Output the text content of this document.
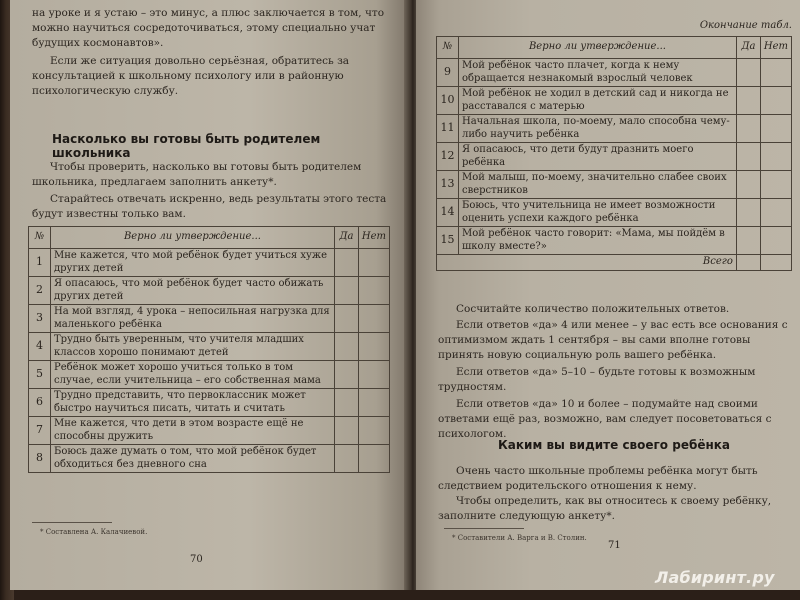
на уроке и я устаю – это минус, а плюс заключается в том, что можно научиться сосредоточиваться, этому специально учат будущих космонавтов».
Если же ситуация довольно серьёзная, обратитесь за консультацией к школьному психологу или в районную психологическую службу.
Насколько вы готовы быть родителем школьника
Чтобы проверить, насколько вы готовы быть родителем школьника, предлагаем заполнить анкету*.
Старайтесь отвечать искренно, ведь результаты этого теста будут известны только вам.
№	Верно ли утверждение...	Да	Нет
1	Мне кажется, что мой ребёнок будет учиться хуже других детей		
2	Я опасаюсь, что мой ребёнок будет часто обижать других детей		
3	На мой взгляд, 4 урока – непосильная нагрузка для маленького ребёнка		
4	Трудно быть уверенным, что учителя младших классов хорошо понимают детей		
5	Ребёнок может хорошо учиться только в том случае, если учительница – его собственная мама		
6	Трудно представить, что первоклассник может быстро научиться писать, читать и считать		
7	Мне кажется, что дети в этом возрасте ещё не способны дружить		
8	Боюсь даже думать о том, что мой ребёнок будет обходиться без дневного сна		
* Составлена А. Калачиевой.
70
Окончание табл.
№	Верно ли утверждение...	Да	Нет
9	Мой ребёнок часто плачет, когда к нему обращается незнакомый взрослый человек		
10	Мой ребёнок не ходил в детский сад и никогда не расставался с матерью		
11	Начальная школа, по-моему, мало способна чему-либо научить ребёнка		
12	Я опасаюсь, что дети будут дразнить моего ребёнка		
13	Мой малыш, по-моему, значительно слабее своих сверстников		
14	Боюсь, что учительница не имеет возможности оценить успехи каждого ребёнка		
15	Мой ребёнок часто говорит: «Мама, мы пойдём в школу вместе?»		
Всего			
Сосчитайте количество положительных ответов.
Если ответов «да» 4 или менее – у вас есть все основания с оптимизмом ждать 1 сентября – вы сами вполне готовы принять новую социальную роль вашего ребёнка.
Если ответов «да» 5–10 – будьте готовы к возможным трудностям.
Если ответов «да» 10 и более – подумайте над своими ответами ещё раз, возможно, вам следует посоветоваться с психологом.
Каким вы видите своего ребёнка
Очень часто школьные проблемы ребёнка могут быть следствием родительского отношения к нему.
Чтобы определить, как вы относитесь к своему ребёнку, заполните следующую анкету*.
* Составители А. Варга и В. Столин.
71
Лабиринт.ру
